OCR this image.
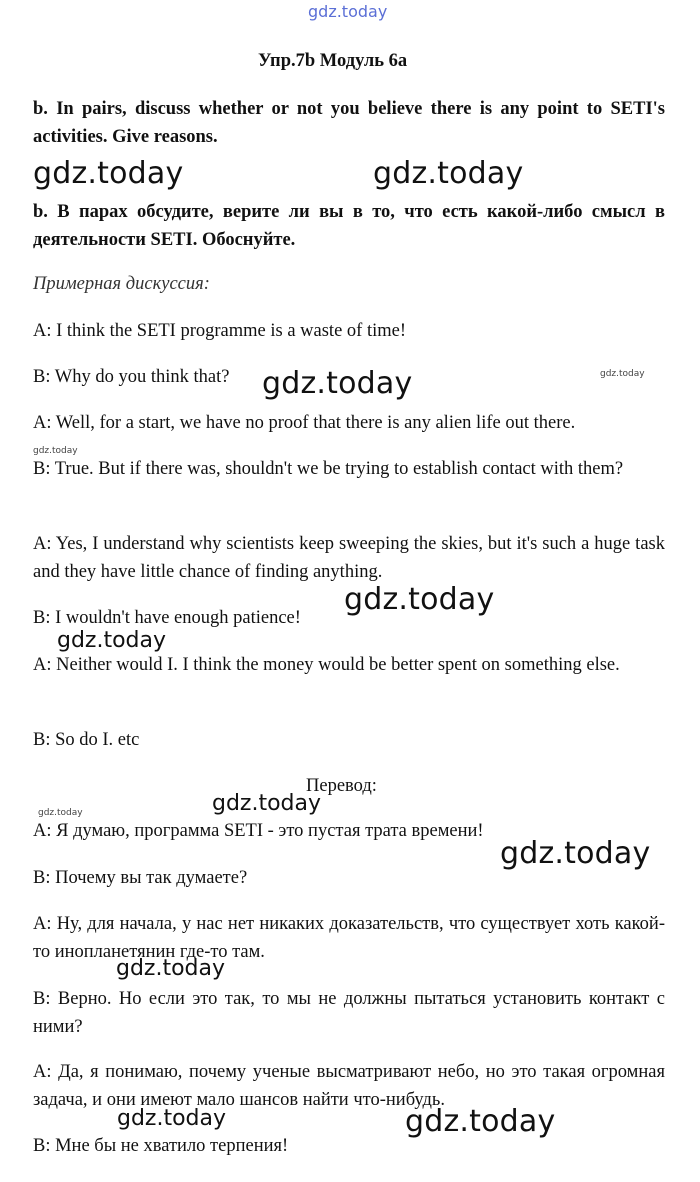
gdz.today
Упр.7b Модуль 6а
b. In pairs, discuss whether or not you believe there is any point to SETI's activities. Give reasons.
gdz.today	gdz.today
b. В парах обсудите, верите ли вы в то, что есть какой-либо смысл в деятельности SETI. Обоснуйте.
Примерная дискуссия:
A: I think the SETI programme is a waste of time!
B: Why do you think that?	gdz.today	gdz.today
A: Well, for a start, we have no proof that there is any alien life out there.
gdz.today
B: True. But if there was, shouldn't we be trying to establish contact with them?
A: Yes, I understand why scientists keep sweeping the skies, but it's such a huge task and they have little chance of finding anything.
B: I wouldn't have enough patience!
gdz.today
gdz.today
A: Neither would I. I think the money would be better spent on something else.
B: So do I. etc
Перевод:
gdz.today
gdz.today
A: Я думаю, программа SETI - это пустая трата времени!
gdz.today
B: Почему вы так думаете?
A: Ну, для начала, у нас нет никаких доказательств, что существует хоть какой-то инопланетянин где-то там.
gdz.today
B: Верно. Но если это так, то мы не должны пытаться установить контакт с ними?
A: Да, я понимаю, почему ученые высматривают небо, но это такая огромная задача, и они имеют мало шансов найти что-нибудь.
gdz.today	gdz.today
B: Мне бы не хватило терпения!
